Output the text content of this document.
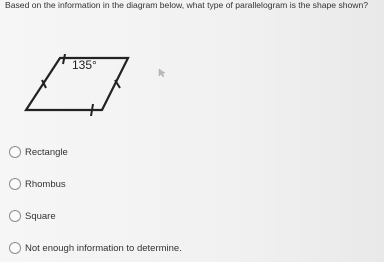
Based on the information in the diagram below, what type of parallelogram is the shape shown?
135°
Rectangle
Rhombus
Square
Not enough information to determine.
